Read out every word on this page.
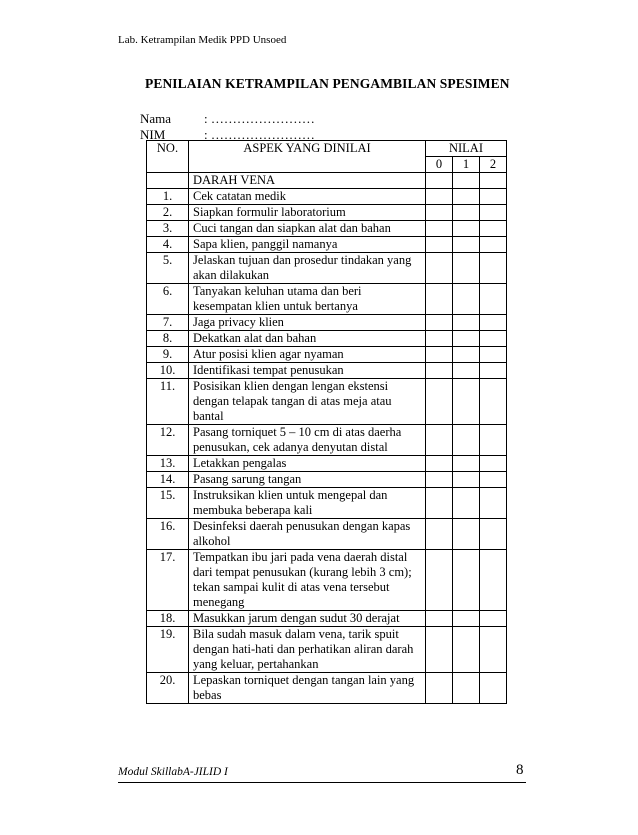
Lab. Ketrampilan Medik PPD Unsoed
PENILAIAN KETRAMPILAN PENGAMBILAN SPESIMEN
Nama	: ……………………
NIM	: ……………………
NO.	ASPEK YANG DINILAI	NILAI		
		0	1	2
	DARAH VENA			
1.	Cek catatan medik			
2.	Siapkan formulir laboratorium			
3.	Cuci tangan dan siapkan alat dan bahan			
4.	Sapa klien, panggil namanya			
5.	Jelaskan tujuan dan prosedur tindakan yang akan dilakukan			
6.	Tanyakan keluhan utama dan beri kesempatan klien untuk bertanya			
7.	Jaga privacy klien			
8.	Dekatkan alat dan bahan			
9.	Atur posisi klien agar nyaman			
10.	Identifikasi tempat penusukan			
11.	Posisikan klien dengan lengan ekstensi dengan telapak tangan di atas meja atau bantal			
12.	Pasang torniquet 5 – 10 cm di atas daerha penusukan, cek adanya denyutan distal			
13.	Letakkan pengalas			
14.	Pasang sarung tangan			
15.	Instruksikan klien untuk mengepal dan membuka beberapa kali			
16.	Desinfeksi daerah penusukan dengan kapas alkohol			
17.	Tempatkan ibu jari pada vena daerah distal dari tempat penusukan (kurang lebih 3 cm); tekan sampai kulit di atas vena tersebut menegang			
18.	Masukkan jarum dengan sudut 30 derajat			
19.	Bila sudah masuk dalam vena, tarik spuit dengan hati-hati dan perhatikan aliran darah yang keluar, pertahankan			
20.	Lepaskan torniquet dengan tangan lain yang bebas			
Modul SkillabA-JILID I	8
